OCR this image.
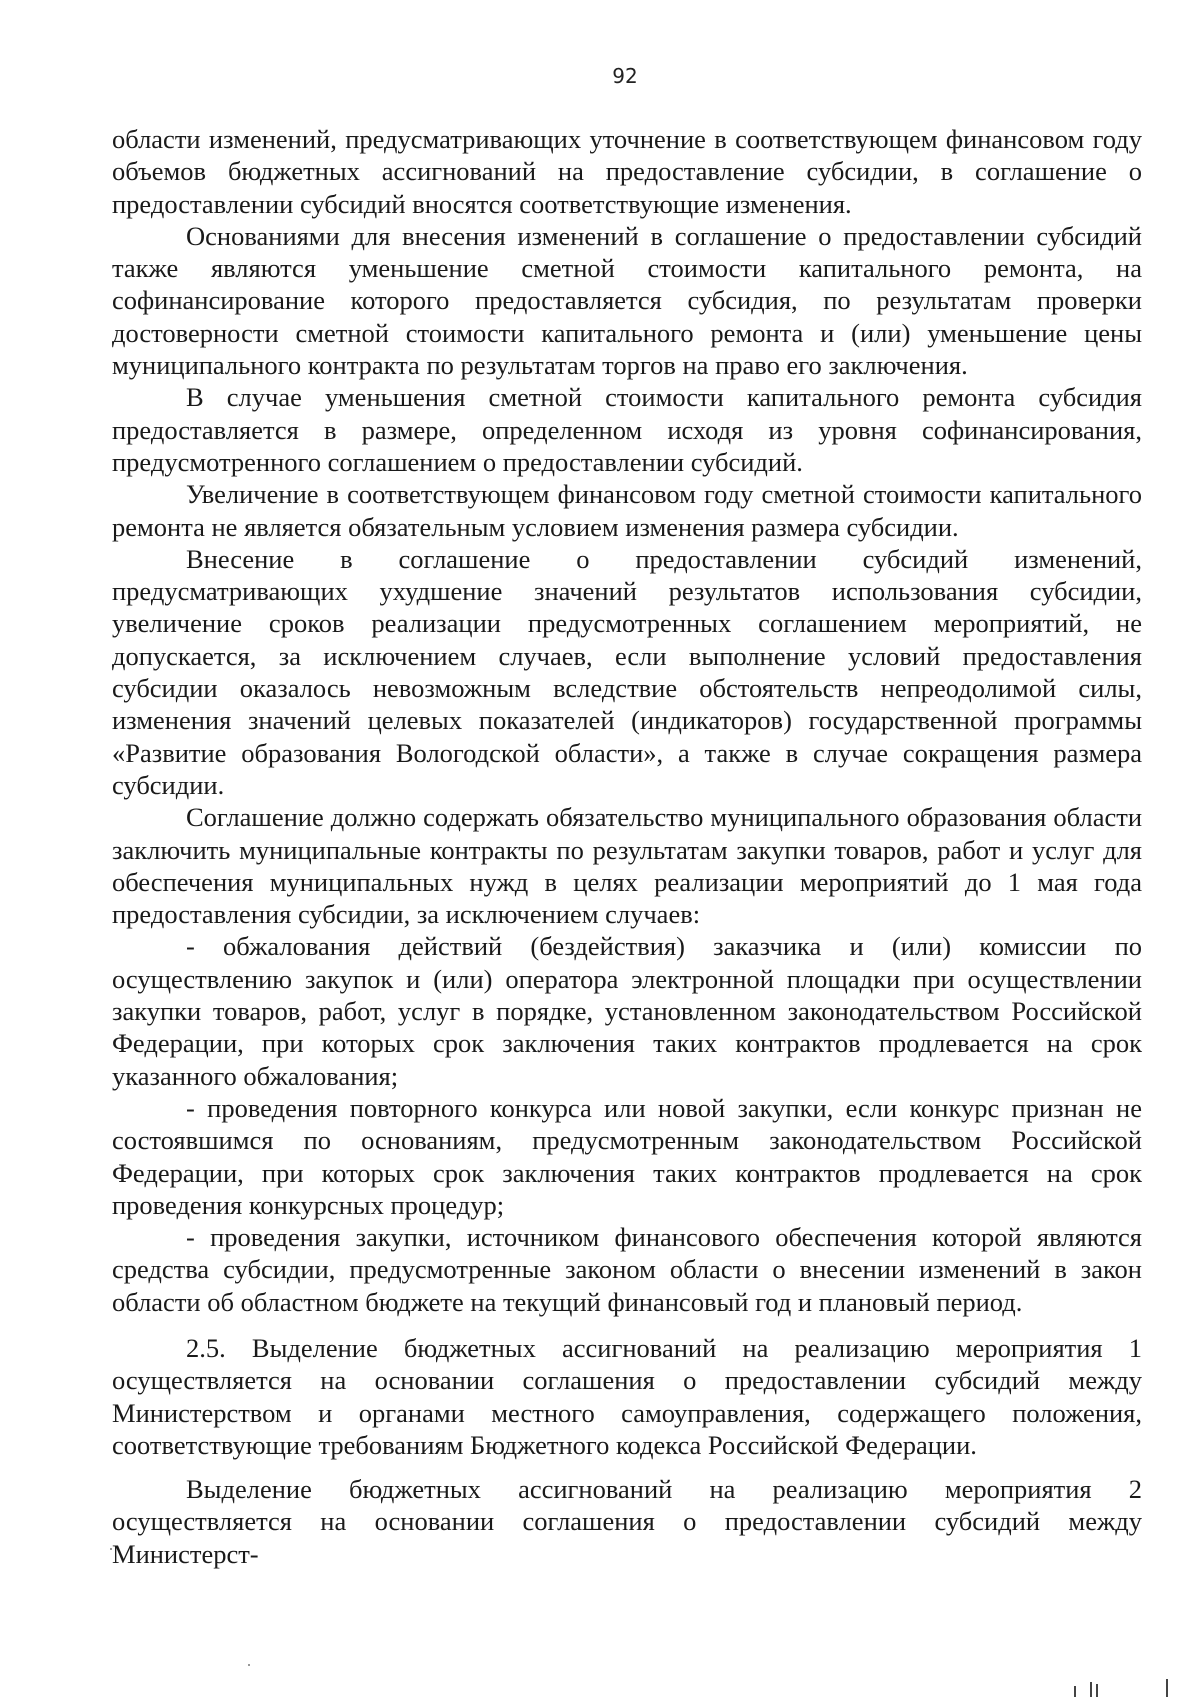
92

области изменений, предусматривающих уточнение в соответствующем финансовом году объемов бюджетных ассигнований на предоставление субсидии, в соглашение о предоставлении субсидий вносятся соответствующие изменения.

Основаниями для внесения изменений в соглашение о предоставлении субсидий также являются уменьшение сметной стоимости капитального ремонта, на софинансирование которого предоставляется субсидия, по результатам проверки достоверности сметной стоимости капитального ремонта и (или) уменьшение цены муниципального контракта по результатам торгов на право его заключения.

В случае уменьшения сметной стоимости капитального ремонта субсидия предоставляется в размере, определенном исходя из уровня софинансирования, предусмотренного соглашением о предоставлении субсидий.

Увеличение в соответствующем финансовом году сметной стоимости капитального ремонта не является обязательным условием изменения размера субсидии.

Внесение в соглашение о предоставлении субсидий изменений, предусматривающих ухудшение значений результатов использования субсидии, увеличение сроков реализации предусмотренных соглашением мероприятий, не допускается, за исключением случаев, если выполнение условий предоставления субсидии оказалось невозможным вследствие обстоятельств непреодолимой силы, изменения значений целевых показателей (индикаторов) государственной программы «Развитие образования Вологодской области», а также в случае сокращения размера субсидии.

Соглашение должно содержать обязательство муниципального образования области заключить муниципальные контракты по результатам закупки товаров, работ и услуг для обеспечения муниципальных нужд в целях реализации мероприятий до 1 мая года предоставления субсидии, за исключением случаев:

- обжалования действий (бездействия) заказчика и (или) комиссии по осуществлению закупок и (или) оператора электронной площадки при осуществлении закупки товаров, работ, услуг в порядке, установленном законодательством Российской Федерации, при которых срок заключения таких контрактов продлевается на срок указанного обжалования;

- проведения повторного конкурса или новой закупки, если конкурс признан не состоявшимся по основаниям, предусмотренным законодательством Российской Федерации, при которых срок заключения таких контрактов продлевается на срок проведения конкурсных процедур;

- проведения закупки, источником финансового обеспечения которой являются средства субсидии, предусмотренные законом области о внесении изменений в закон области об областном бюджете на текущий финансовый год и плановый период.

2.5. Выделение бюджетных ассигнований на реализацию мероприятия 1 осуществляется на основании соглашения о предоставлении субсидий между Министерством и органами местного самоуправления, содержащего положения, соответствующие требованиям Бюджетного кодекса Российской Федерации.

Выделение бюджетных ассигнований на реализацию мероприятия 2 осуществляется на основании соглашения о предоставлении субсидий между Министерст-
